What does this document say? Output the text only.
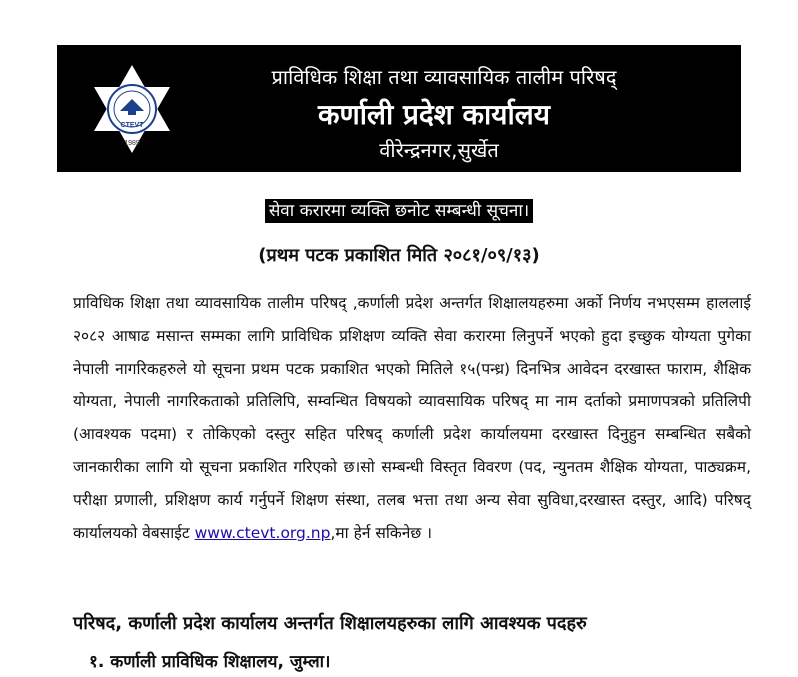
CTEVT
1989
प्राविधिक शिक्षा तथा व्यावसायिक तालीम परिषद्
कर्णाली प्रदेश कार्यालय
वीरेन्द्रनगर,सुर्खेत
सेवा करारमा व्यक्ति छनोट सम्बन्धी सूचना।
(प्रथम पटक प्रकाशित मिति २०८१/०९/१३)
प्राविधिक शिक्षा तथा व्यावसायिक तालीम परिषद् ,कर्णाली प्रदेश अन्तर्गत शिक्षालयहरुमा अर्को निर्णय नभएसम्म हाललाई २०८२ आषाढ मसान्त सम्मका लागि प्राविधिक प्रशिक्षण व्यक्ति सेवा करारमा लिनुपर्ने भएको हुदा इच्छुक योग्यता पुगेका नेपाली नागरिकहरुले यो सूचना प्रथम पटक प्रकाशित भएको मितिले १५(पन्ध्र) दिनभित्र आवेदन दरखास्त फाराम, शैक्षिक योग्यता, नेपाली नागरिकताको प्रतिलिपि, सम्वन्धित विषयको व्यावसायिक परिषद् मा नाम दर्ताको प्रमाणपत्रको प्रतिलिपी (आवश्यक पदमा) र तोकिएको दस्तुर सहित परिषद् कर्णाली प्रदेश कार्यालयमा दरखास्त दिनुहुन सम्बन्धित सबैको जानकारीका लागि यो सूचना प्रकाशित गरिएको छ।सो सम्बन्धी विस्तृत विवरण (पद, न्युनतम शैक्षिक योग्यता, पाठ्यक्रम, परीक्षा प्रणाली, प्रशिक्षण कार्य गर्नुपर्ने शिक्षण संस्था, तलब भत्ता तथा अन्य सेवा सुविधा,दरखास्त दस्तुर, आदि) परिषद् कार्यालयको वेबसाईट www.ctevt.org.np,मा हेर्न सकिनेछ ।
परिषद, कर्णाली प्रदेश कार्यालय अन्तर्गत शिक्षालयहरुका लागि आवश्यक पदहरु
१. कर्णाली प्राविधिक शिक्षालय, जुम्ला।
